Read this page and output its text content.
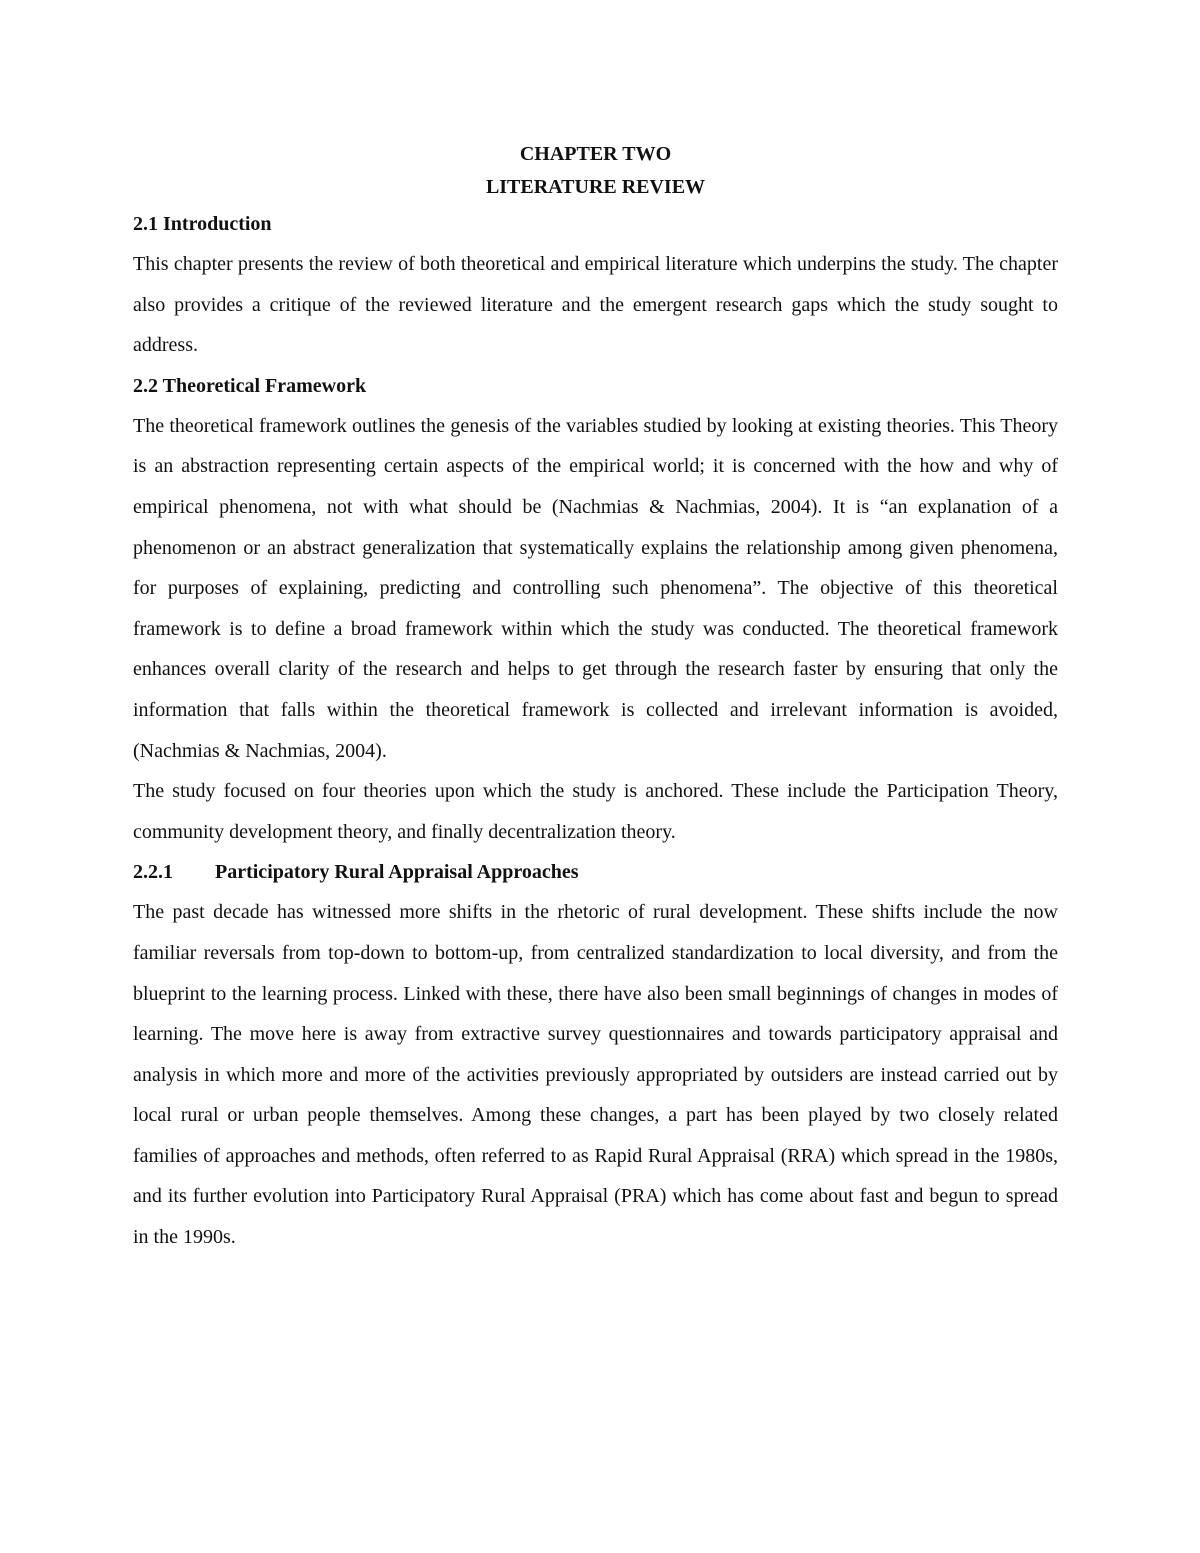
CHAPTER TWO

LITERATURE REVIEW

2.1 Introduction

This chapter presents the review of both theoretical and empirical literature which underpins the study. The chapter also provides a critique of the reviewed literature and the emergent research gaps which the study sought to address.

2.2 Theoretical Framework

The theoretical framework outlines the genesis of the variables studied by looking at existing theories. This Theory is an abstraction representing certain aspects of the empirical world; it is concerned with the how and why of empirical phenomena, not with what should be (Nachmias & Nachmias, 2004). It is “an explanation of a phenomenon or an abstract generalization that systematically explains the relationship among given phenomena, for purposes of explaining, predicting and controlling such phenomena”. The objective of this theoretical framework is to define a broad framework within which the study was conducted. The theoretical framework enhances overall clarity of the research and helps to get through the research faster by ensuring that only the information that falls within the theoretical framework is collected and irrelevant information is avoided, (Nachmias & Nachmias, 2004).

The study focused on four theories upon which the study is anchored. These include the Participation Theory, community development theory, and finally decentralization theory.

2.2.1 Participatory Rural Appraisal Approaches

The past decade has witnessed more shifts in the rhetoric of rural development. These shifts include the now familiar reversals from top-down to bottom-up, from centralized standardization to local diversity, and from the blueprint to the learning process. Linked with these, there have also been small beginnings of changes in modes of learning. The move here is away from extractive survey questionnaires and towards participatory appraisal and analysis in which more and more of the activities previously appropriated by outsiders are instead carried out by local rural or urban people themselves. Among these changes, a part has been played by two closely related families of approaches and methods, often referred to as Rapid Rural Appraisal (RRA) which spread in the 1980s, and its further evolution into Participatory Rural Appraisal (PRA) which has come about fast and begun to spread in the 1990s.
